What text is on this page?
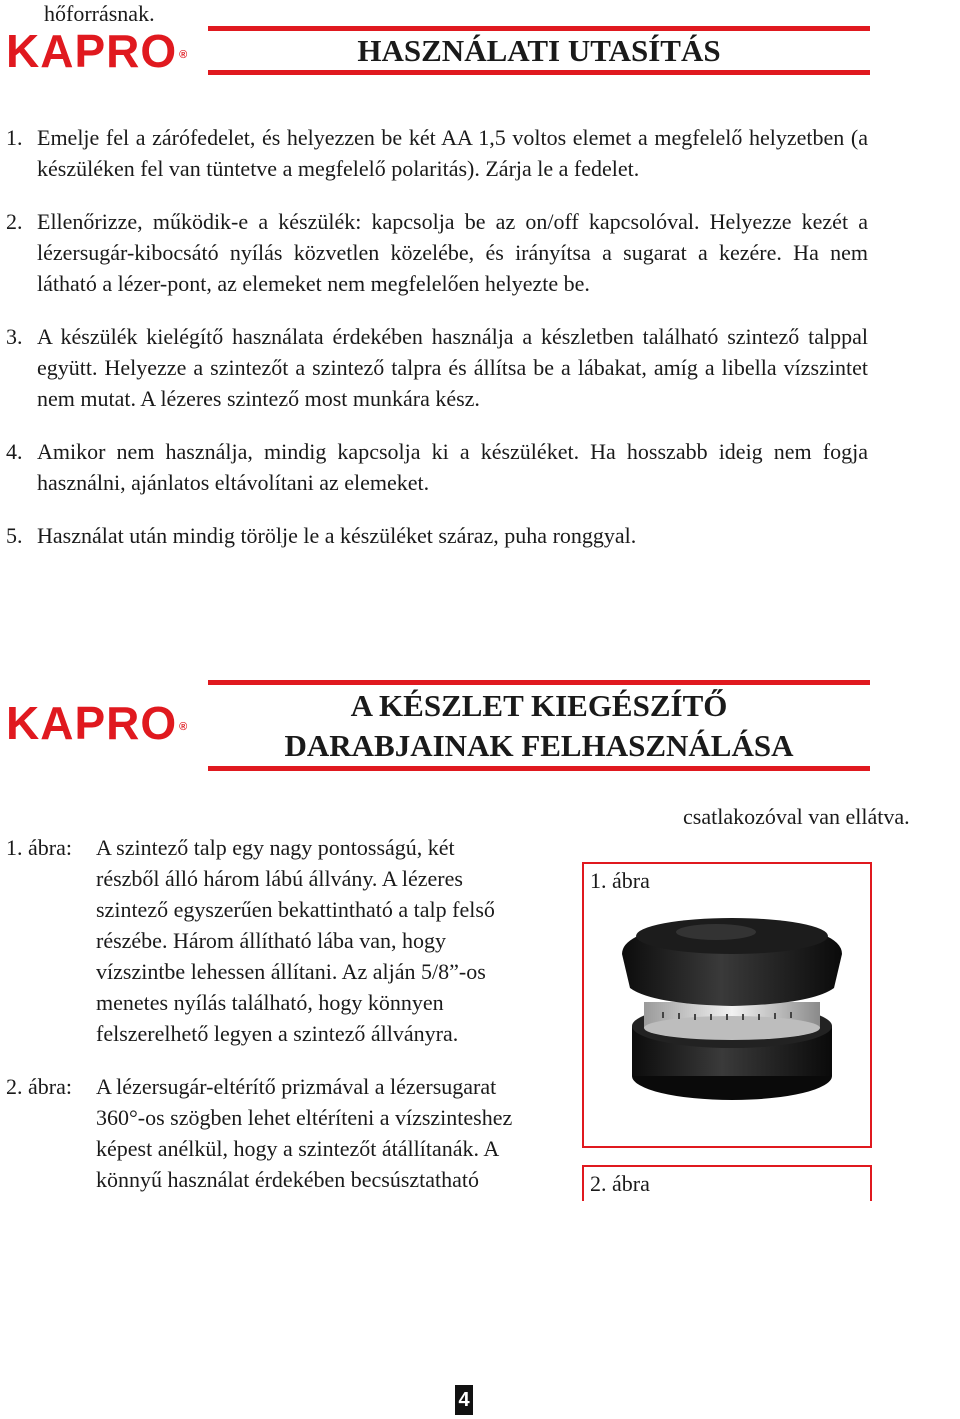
hőforrásnak.
KAPRO ®	HASZNÁLATI UTASÍTÁS
1. Emelje fel a zárófedelet, és helyezzen be két AA 1,5 voltos elemet a megfelelő helyzetben (a készüléken fel van tüntetve a megfelelő polaritás). Zárja le a fedelet.
2. Ellenőrizze, működik-e a készülék: kapcsolja be az on/off kapcsolóval. Helyezze kezét a lézersugár-kibocsátó nyílás közvetlen közelébe, és irányítsa a sugarat a kezére. Ha nem látható a lézer-pont, az elemeket nem megfelelően helyezte be.
3. A készülék kielégítő használata érdekében használja a készletben található szintező talppal együtt. Helyezze a szintezőt a szintező talpra és állítsa be a lábakat, amíg a libella vízszintet nem mutat. A lézeres szintező most munkára kész.
4. Amikor nem használja, mindig kapcsolja ki a készüléket. Ha hosszabb ideig nem fogja használni, ajánlatos eltávolítani az elemeket.
5. Használat után mindig törölje le a készüléket száraz, puha ronggyal.
KAPRO ®
A KÉSZLET KIEGÉSZÍTŐ
DARABJAINAK FELHASZNÁLÁSA
csatlakozóval van ellátva.
1. ábra:	A szintező talp egy nagy pontosságú, két részből álló három lábú állvány. A lézeres szintező egyszerűen bekattintható a talp felső részébe. Három állítható lába van, hogy vízszintbe lehessen állítani. Az alján 5/8”-os menetes nyílás található, hogy könnyen felszerelhető legyen a szintező állványra.
2. ábra:	A lézersugár-eltérítő prizmával a lézersugarat 360°-os szögben lehet eltéríteni a vízszinteshez képest anélkül, hogy a szintezőt átállítanák. A könnyű használat érdekében becsúsztatható
1. ábra
2. ábra
4
